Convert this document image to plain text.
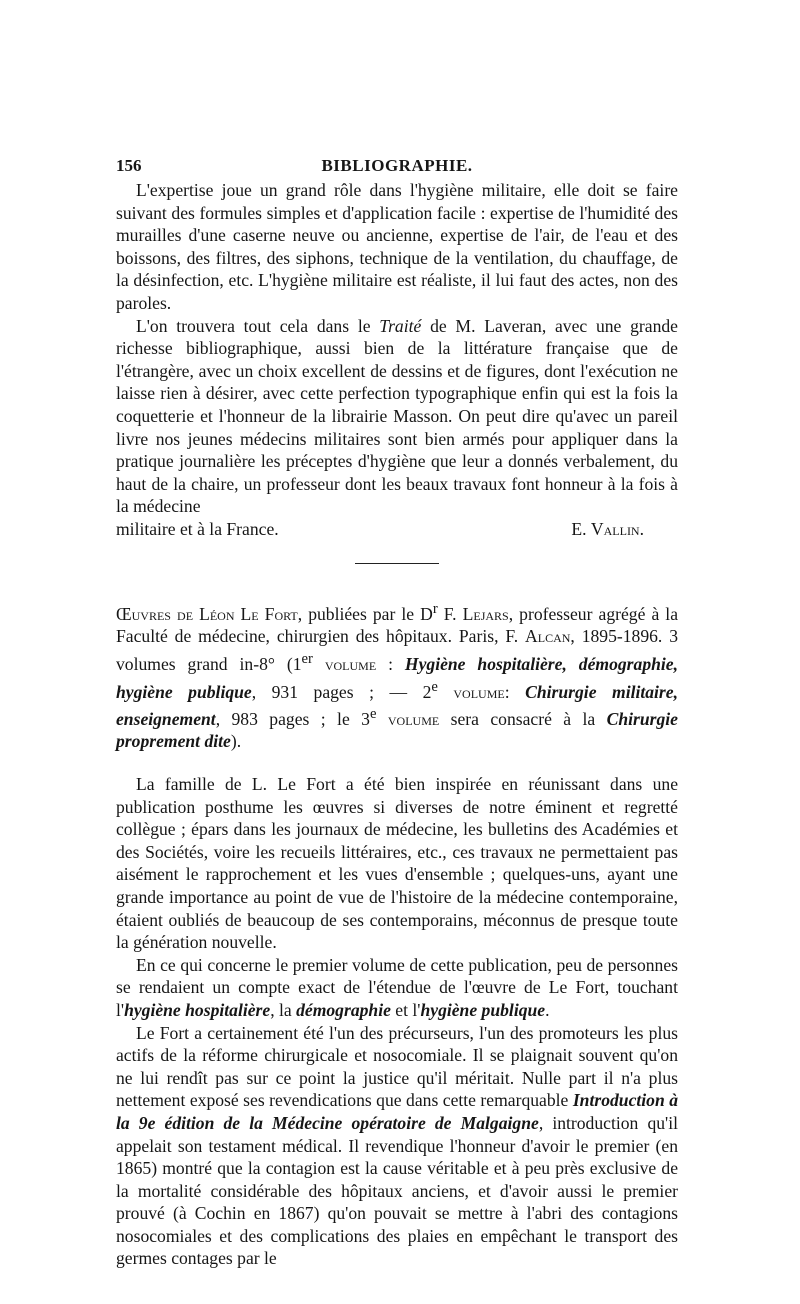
156	BIBLIOGRAPHIE.

L'expertise joue un grand rôle dans l'hygiène militaire, elle doit se faire suivant des formules simples et d'application facile : expertise de l'humidité des murailles d'une caserne neuve ou ancienne, expertise de l'air, de l'eau et des boissons, des filtres, des siphons, technique de la ventilation, du chauffage, de la désinfection, etc. L'hygiène militaire est réaliste, il lui faut des actes, non des paroles.

L'on trouvera tout cela dans le Traité de M. Laveran, avec une grande richesse bibliographique, aussi bien de la littérature française que de l'étrangère, avec un choix excellent de dessins et de figures, dont l'exécution ne laisse rien à désirer, avec cette perfection typographique enfin qui est la fois la coquetterie et l'honneur de la librairie Masson. On peut dire qu'avec un pareil livre nos jeunes médecins militaires sont bien armés pour appliquer dans la pratique journalière les préceptes d'hygiène que leur a donnés verbalement, du haut de la chaire, un professeur dont les beaux travaux font honneur à la fois à la médecine

militaire et à la France.	E. Vallin.

Œuvres de Léon Le Fort, publiées par le $D^r$ F. Lejars, professeur agrégé à la Faculté de médecine, chirurgien des hôpitaux. Paris, F. Alcan, 1895-1896. 3 volumes grand in-8° (1er volume : Hygiène hospitalière, démographie, hygiène publique, 931 pages ; — 2e volume: Chirurgie militaire, enseignement, 983 pages ; le 3e volume sera consacré à la Chirurgie proprement dite).

La famille de L. Le Fort a été bien inspirée en réunissant dans une publication posthume les œuvres si diverses de notre éminent et regretté collègue ; épars dans les journaux de médecine, les bulletins des Académies et des Sociétés, voire les recueils littéraires, etc., ces travaux ne permettaient pas aisément le rapprochement et les vues d'ensemble ; quelques-uns, ayant une grande importance au point de vue de l'histoire de la médecine contemporaine, étaient oubliés de beaucoup de ses contemporains, méconnus de presque toute la génération nouvelle.

En ce qui concerne le premier volume de cette publication, peu de personnes se rendaient un compte exact de l'étendue de l'œuvre de Le Fort, touchant l'hygiène hospitalière, la démographie et l'hygiène publique.

Le Fort a certainement été l'un des précurseurs, l'un des promoteurs les plus actifs de la réforme chirurgicale et nosocomiale. Il se plaignait souvent qu'on ne lui rendît pas sur ce point la justice qu'il méritait. Nulle part il n'a plus nettement exposé ses revendications que dans cette remarquable Introduction à la 9e édition de la Médecine opératoire de Malgaigne, introduction qu'il appelait son testament médical. Il revendique l'honneur d'avoir le premier (en 1865) montré que la contagion est la cause véritable et à peu près exclusive de la mortalité considérable des hôpitaux anciens, et d'avoir aussi le premier prouvé (à Cochin en 1867) qu'on pouvait se mettre à l'abri des contagions nosocomiales et des complications des plaies en empêchant le transport des germes contages par le
